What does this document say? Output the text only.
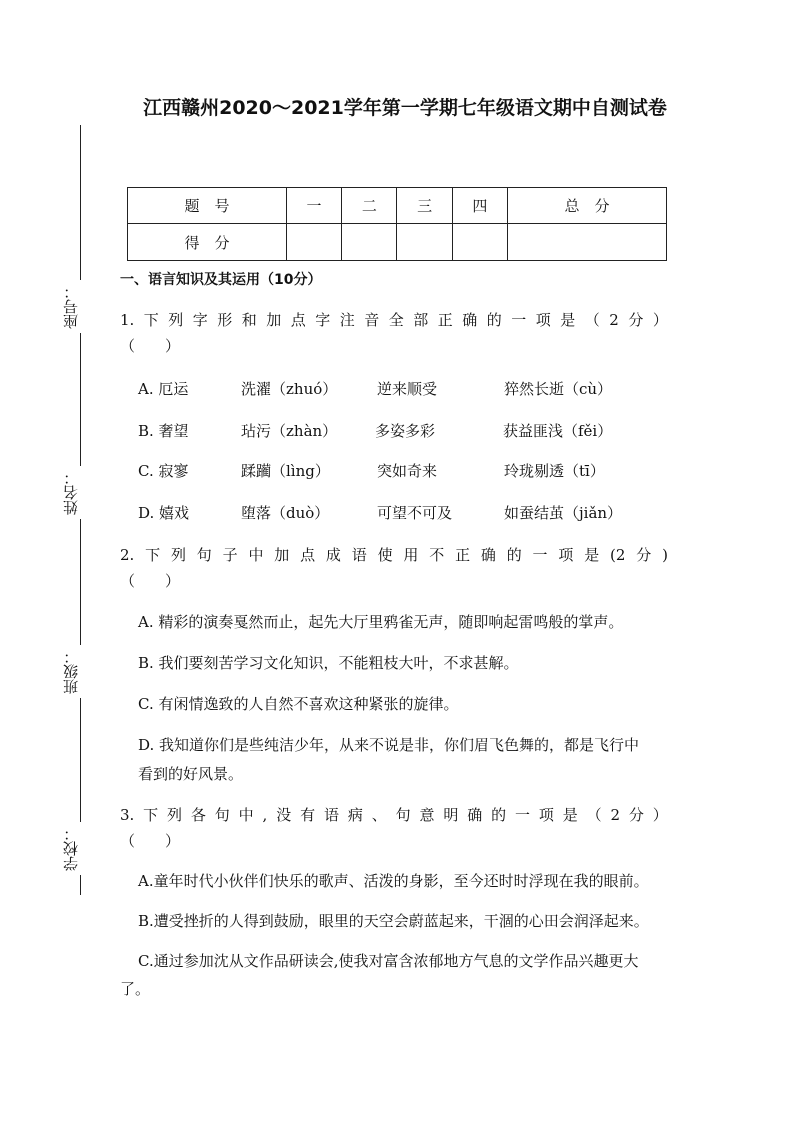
座号：
姓名：
班级：
学校：
江西赣州2020～2021学年第一学期七年级语文期中自测试卷
题　号	一	二	三	四	总　分
得　分					
一、语言知识及其运用（10分）
1. 下 列 字 形 和 加 点 字 注 音 全 部 正 确 的 一 项 是 （ 2 分 ）
（　　）
A. 厄运	洗濯（zhuó）	逆来顺受	猝然长逝（cù）
B. 奢望	玷污（zhàn）	多姿多彩	获益匪浅（fěi）
C. 寂寥	蹂躏（lìng）	突如奇来	玲珑剔透（tī）
D. 嬉戏	堕落（duò）	可望不可及	如蚕结茧（jiǎn）
2. 下 列 句 子 中 加 点 成 语 使 用 不 正 确 的 一 项 是 (2 分 )
（　　）
A. 精彩的演奏戛然而止，起先大厅里鸦雀无声，随即响起雷鸣般的掌声。
B. 我们要刻苦学习文化知识，不能粗枝大叶，不求甚解。
C. 有闲情逸致的人自然不喜欢这种紧张的旋律。
D. 我知道你们是些纯洁少年，从来不说是非，你们眉飞色舞的，都是飞行中
看到的好风景。
3. 下 列 各 句 中 , 没 有 语 病 、 句 意 明 确 的 一 项 是 （ 2 分 ）
（　　）
A.童年时代小伙伴们快乐的歌声、活泼的身影，至今还时时浮现在我的眼前。
B.遭受挫折的人得到鼓励，眼里的天空会蔚蓝起来，干涸的心田会润泽起来。
C.通过参加沈从文作品研读会,使我对富含浓郁地方气息的文学作品兴趣更大
了。
